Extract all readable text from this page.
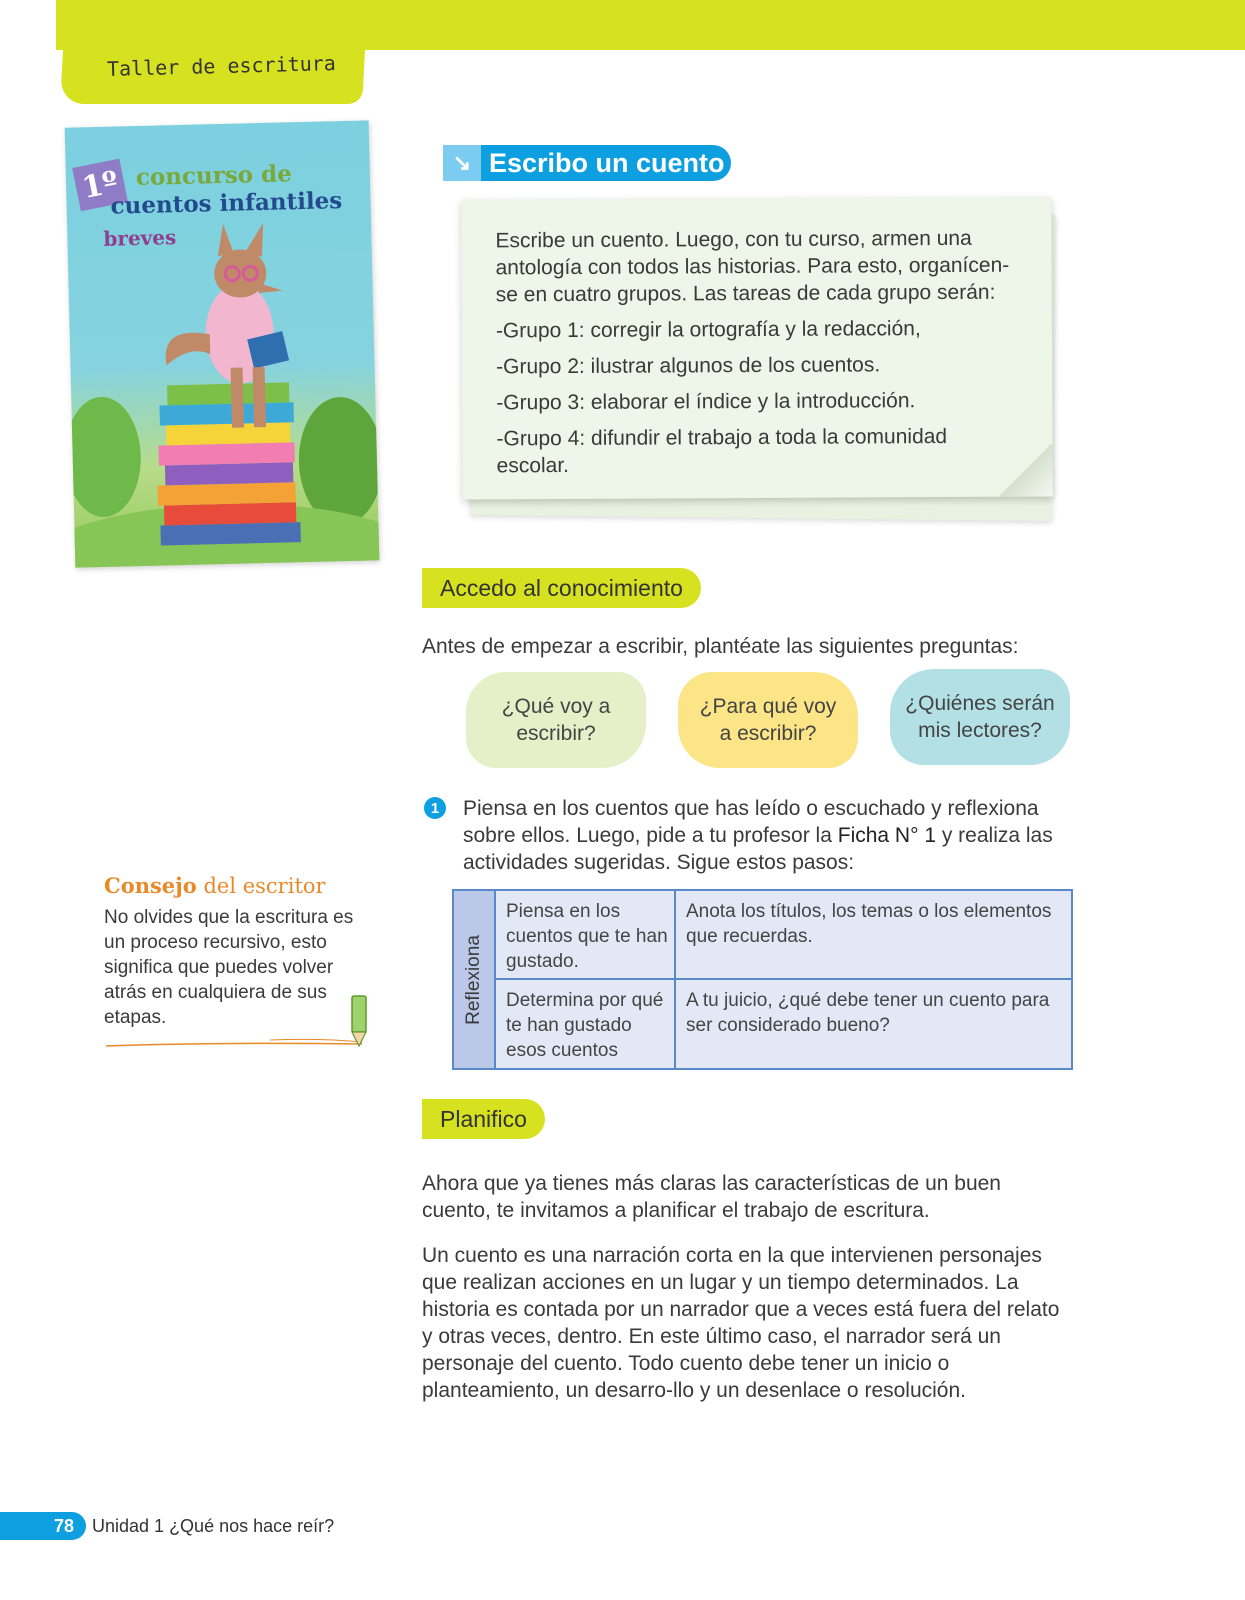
Taller de escritura
1º concurso de
cuentos infantiles
breves
↘ Escribo un cuento

Escribe un cuento. Luego, con tu curso, armen una antología con todos las historias. Para esto, organícen-se en cuatro grupos. Las tareas de cada grupo serán:

-Grupo 1: corregir la ortografía y la redacción,

-Grupo 2: ilustrar algunos de los cuentos.

-Grupo 3: elaborar el índice y la introducción.

-Grupo 4: difundir el trabajo a toda la comunidad escolar.

Accedo al conocimiento
Antes de empezar a escribir, plantéate las siguientes preguntas:
¿Qué voy a escribir?
¿Para qué voy a escribir?
¿Quiénes serán mis lectores?
1	Piensa en los cuentos que has leído o escuchado y reflexiona sobre ellos. Luego, pide a tu profesor la Ficha N° 1 y realiza las actividades sugeridas. Sigue estos pasos:
Reflexiona
Piensa en los cuentos que te han gustado.
Anota los títulos, los temas o los elementos que recuerdas.
Determina por qué te han gustado esos cuentos
A tu juicio, ¿qué debe tener un cuento para ser considerado bueno?
Consejo del escritor
No olvides que la escritura es un proceso recursivo, esto significa que puedes volver atrás en cualquiera de sus etapas.
Planifico
Ahora que ya tienes más claras las características de un buen cuento, te invitamos a planificar el trabajo de escritura.
Un cuento es una narración corta en la que intervienen personajes que realizan acciones en un lugar y un tiempo determinados. La historia es contada por un narrador que a veces está fuera del relato y otras veces, dentro. En este último caso, el narrador será un personaje del cuento. Todo cuento debe tener un inicio o planteamiento, un desarro-llo y un desenlace o resolución.
78	Unidad 1 ¿Qué nos hace reír?
